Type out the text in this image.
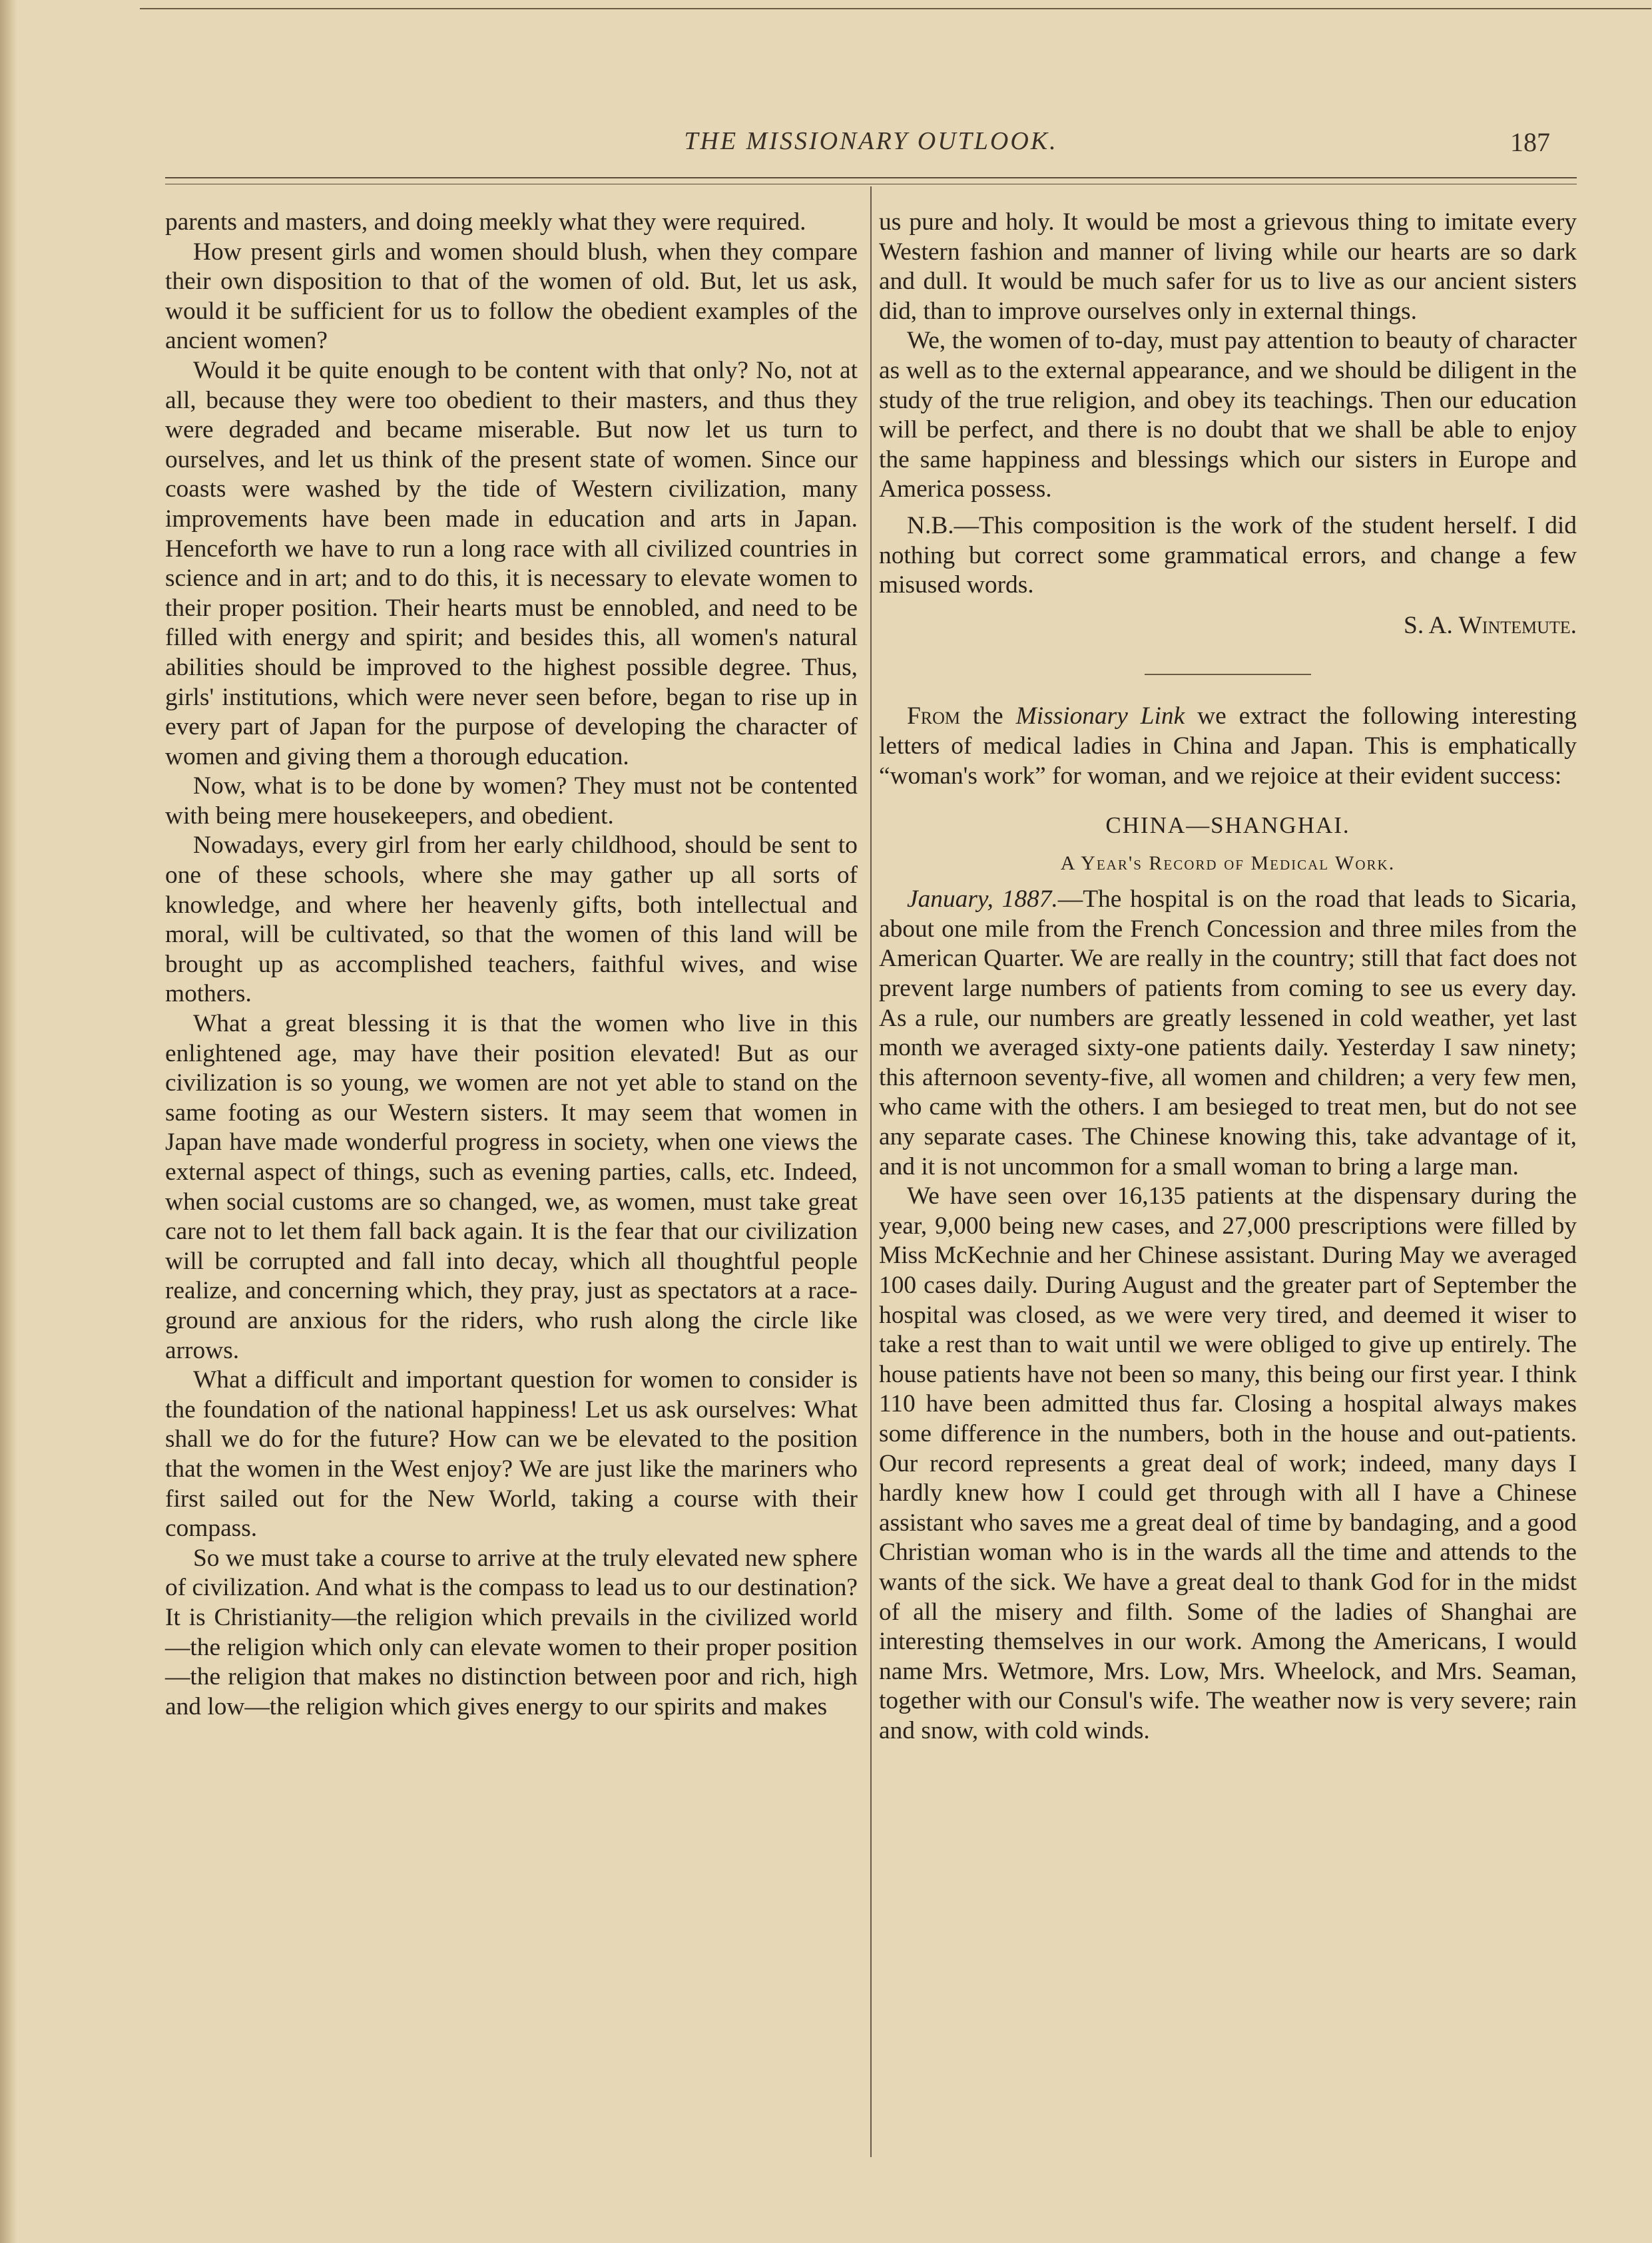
THE MISSIONARY OUTLOOK.	187

parents and masters, and doing meekly what they were required.

How present girls and women should blush, when they compare their own disposition to that of the women of old. But, let us ask, would it be sufficient for us to follow the obedient examples of the ancient women?

Would it be quite enough to be content with that only? No, not at all, because they were too obedient to their masters, and thus they were degraded and became miserable. But now let us turn to ourselves, and let us think of the present state of women. Since our coasts were washed by the tide of Western civilization, many improvements have been made in education and arts in Japan. Henceforth we have to run a long race with all civilized countries in science and in art; and to do this, it is necessary to elevate women to their proper position. Their hearts must be ennobled, and need to be filled with energy and spirit; and besides this, all women's natural abilities should be improved to the highest possible degree. Thus, girls' institutions, which were never seen before, began to rise up in every part of Japan for the purpose of developing the character of women and giving them a thorough education.

Now, what is to be done by women? They must not be contented with being mere housekeepers, and obedient.

Nowadays, every girl from her early childhood, should be sent to one of these schools, where she may gather up all sorts of knowledge, and where her heavenly gifts, both intellectual and moral, will be cultivated, so that the women of this land will be brought up as accomplished teachers, faithful wives, and wise mothers.

What a great blessing it is that the women who live in this enlightened age, may have their position elevated! But as our civilization is so young, we women are not yet able to stand on the same footing as our Western sisters. It may seem that women in Japan have made wonderful progress in society, when one views the external aspect of things, such as evening parties, calls, etc. Indeed, when social customs are so changed, we, as women, must take great care not to let them fall back again. It is the fear that our civilization will be corrupted and fall into decay, which all thoughtful people realize, and concerning which, they pray, just as spectators at a race-ground are anxious for the riders, who rush along the circle like arrows.

What a difficult and important question for women to consider is the foundation of the national happiness! Let us ask ourselves: What shall we do for the future? How can we be elevated to the position that the women in the West enjoy? We are just like the mariners who first sailed out for the New World, taking a course with their compass.

So we must take a course to arrive at the truly elevated new sphere of civilization. And what is the compass to lead us to our destination? It is Christianity—the religion which prevails in the civilized world—the religion which only can elevate women to their proper position—the religion that makes no distinction between poor and rich, high and low—the religion which gives energy to our spirits and makes

us pure and holy. It would be most a grievous thing to imitate every Western fashion and manner of living while our hearts are so dark and dull. It would be much safer for us to live as our ancient sisters did, than to improve ourselves only in external things.

We, the women of to-day, must pay attention to beauty of character as well as to the external appearance, and we should be diligent in the study of the true religion, and obey its teachings. Then our education will be perfect, and there is no doubt that we shall be able to enjoy the same happiness and blessings which our sisters in Europe and America possess.

N.B.—This composition is the work of the student herself. I did nothing but correct some grammatical errors, and change a few misused words.

S. A. Wintemute.

From the Missionary Link we extract the following interesting letters of medical ladies in China and Japan. This is emphatically “woman's work” for woman, and we rejoice at their evident success:

CHINA—SHANGHAI.

A Year's Record of Medical Work.

January, 1887.—The hospital is on the road that leads to Sicaria, about one mile from the French Concession and three miles from the American Quarter. We are really in the country; still that fact does not prevent large numbers of patients from coming to see us every day. As a rule, our numbers are greatly lessened in cold weather, yet last month we averaged sixty-one patients daily. Yesterday I saw ninety; this afternoon seventy-five, all women and children; a very few men, who came with the others. I am besieged to treat men, but do not see any separate cases. The Chinese knowing this, take advantage of it, and it is not uncommon for a small woman to bring a large man.

We have seen over 16,135 patients at the dispensary during the year, 9,000 being new cases, and 27,000 prescriptions were filled by Miss McKechnie and her Chinese assistant. During May we averaged 100 cases daily. During August and the greater part of September the hospital was closed, as we were very tired, and deemed it wiser to take a rest than to wait until we were obliged to give up entirely. The house patients have not been so many, this being our first year. I think 110 have been admitted thus far. Closing a hospital always makes some difference in the numbers, both in the house and out-patients. Our record represents a great deal of work; indeed, many days I hardly knew how I could get through with all I have a Chinese assistant who saves me a great deal of time by bandaging, and a good Christian woman who is in the wards all the time and attends to the wants of the sick. We have a great deal to thank God for in the midst of all the misery and filth. Some of the ladies of Shanghai are interesting themselves in our work. Among the Americans, I would name Mrs. Wetmore, Mrs. Low, Mrs. Wheelock, and Mrs. Seaman, together with our Consul's wife. The weather now is very severe; rain and snow, with cold winds.
